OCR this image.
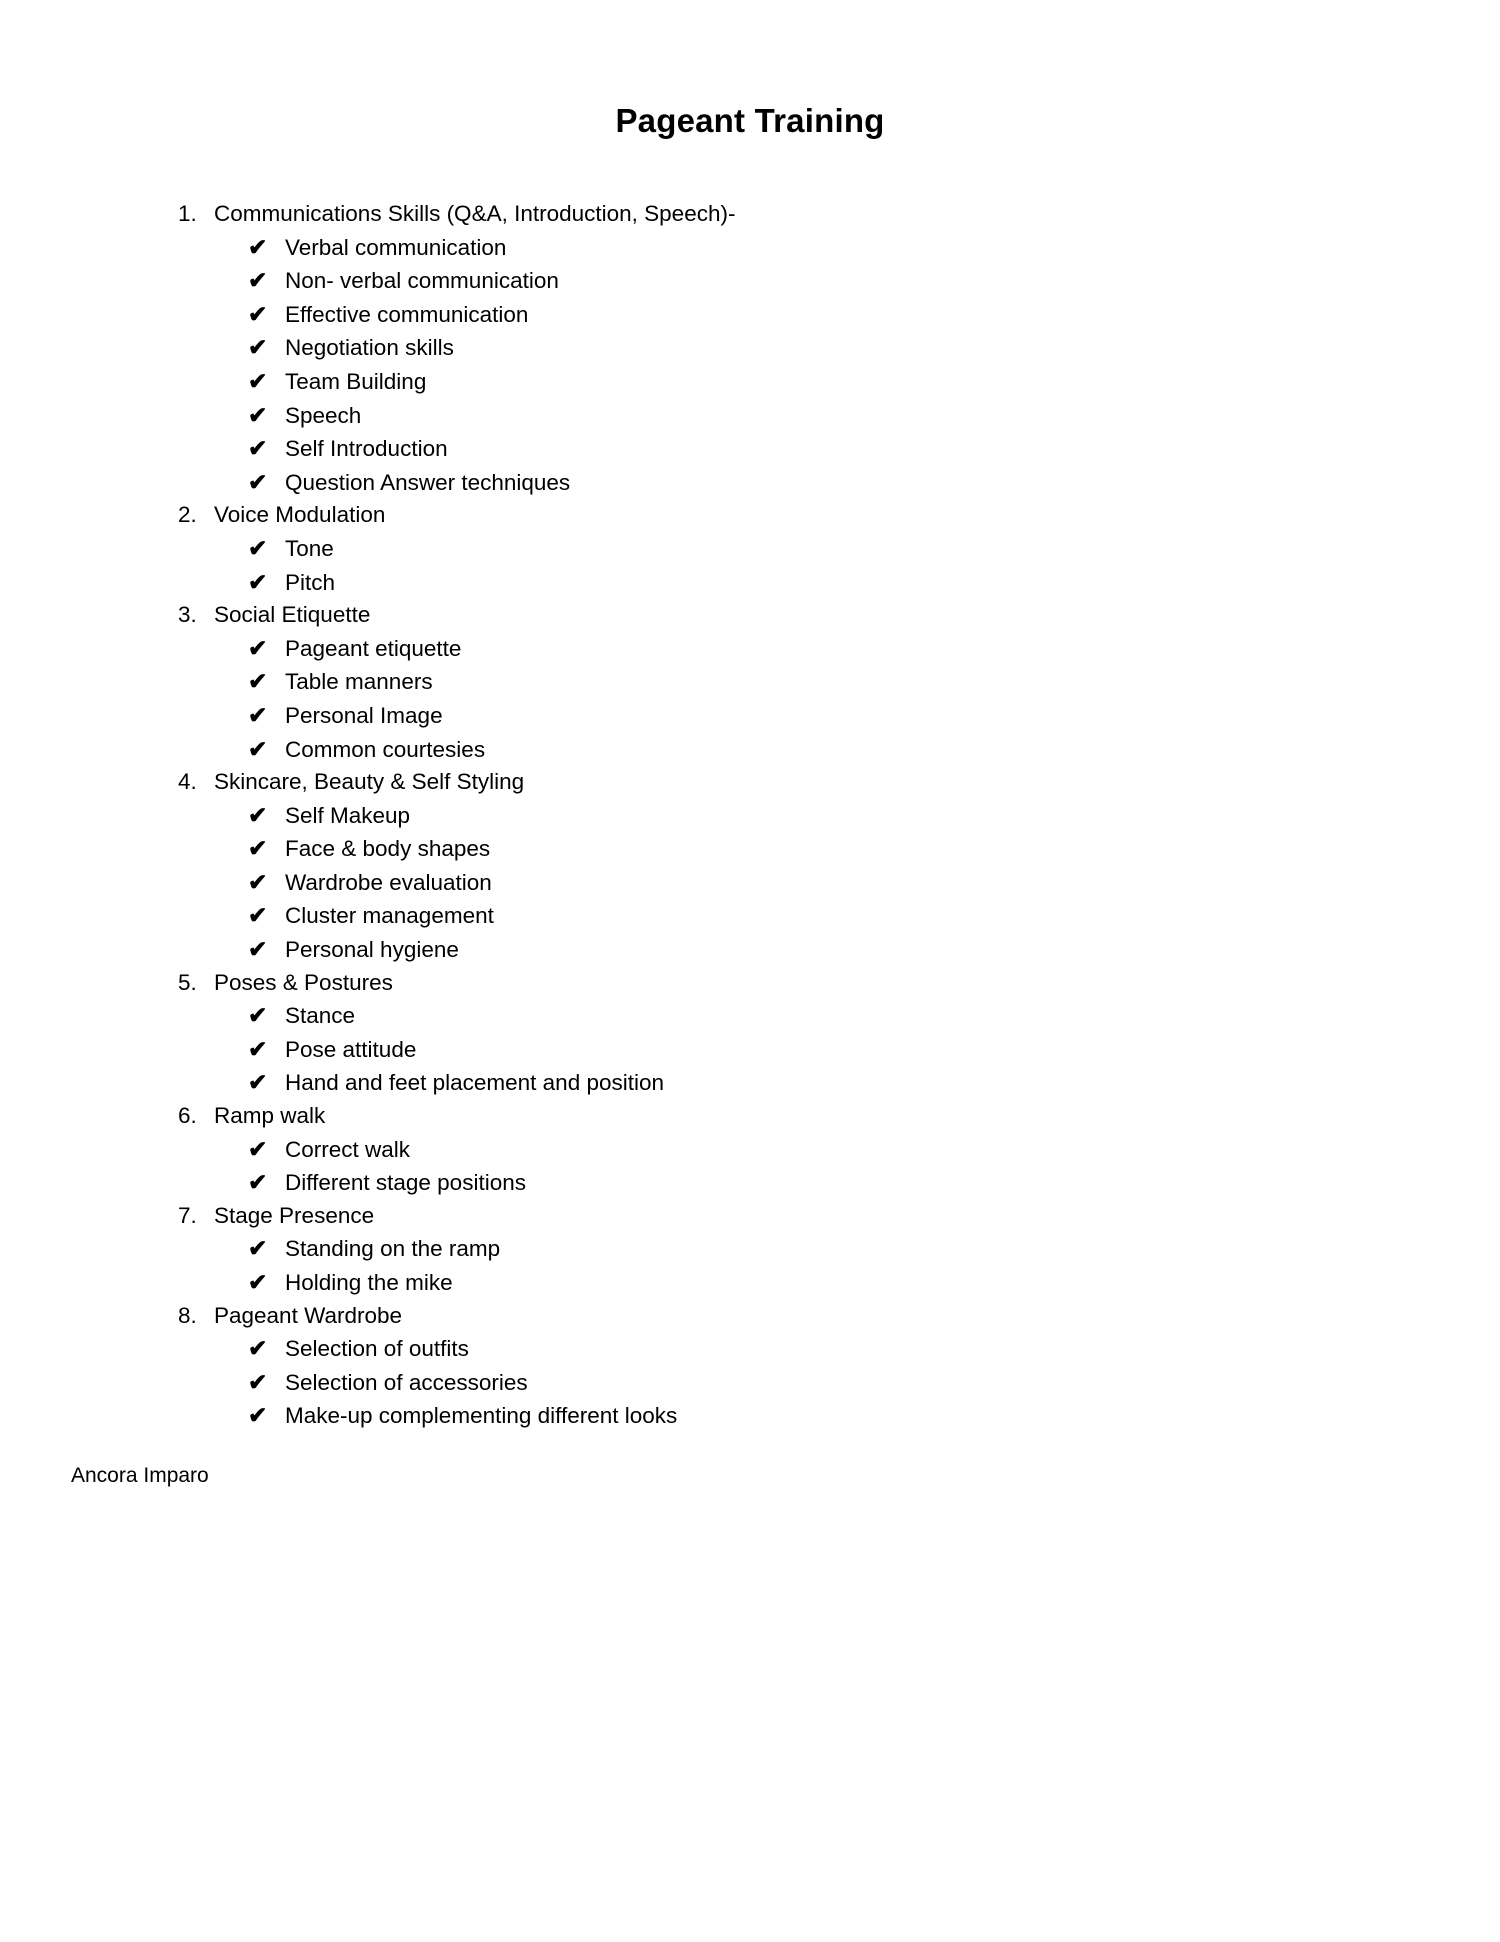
Pageant Training
1. Communications Skills (Q&A, Introduction, Speech)-
✔ Verbal communication
✔ Non- verbal communication
✔ Effective communication
✔ Negotiation skills
✔ Team Building
✔ Speech
✔ Self Introduction
✔ Question Answer techniques
2. Voice Modulation
✔ Tone
✔ Pitch
3. Social Etiquette
✔ Pageant etiquette
✔ Table manners
✔ Personal Image
✔ Common courtesies
4. Skincare, Beauty & Self Styling
✔ Self Makeup
✔ Face & body shapes
✔ Wardrobe evaluation
✔ Cluster management
✔ Personal hygiene
5. Poses & Postures
✔ Stance
✔ Pose attitude
✔ Hand and feet placement and position
6. Ramp walk
✔ Correct walk
✔ Different stage positions
7. Stage Presence
✔ Standing on the ramp
✔ Holding the mike
8. Pageant Wardrobe
✔ Selection of outfits
✔ Selection of accessories
✔ Make-up complementing different looks
Ancora Imparo
